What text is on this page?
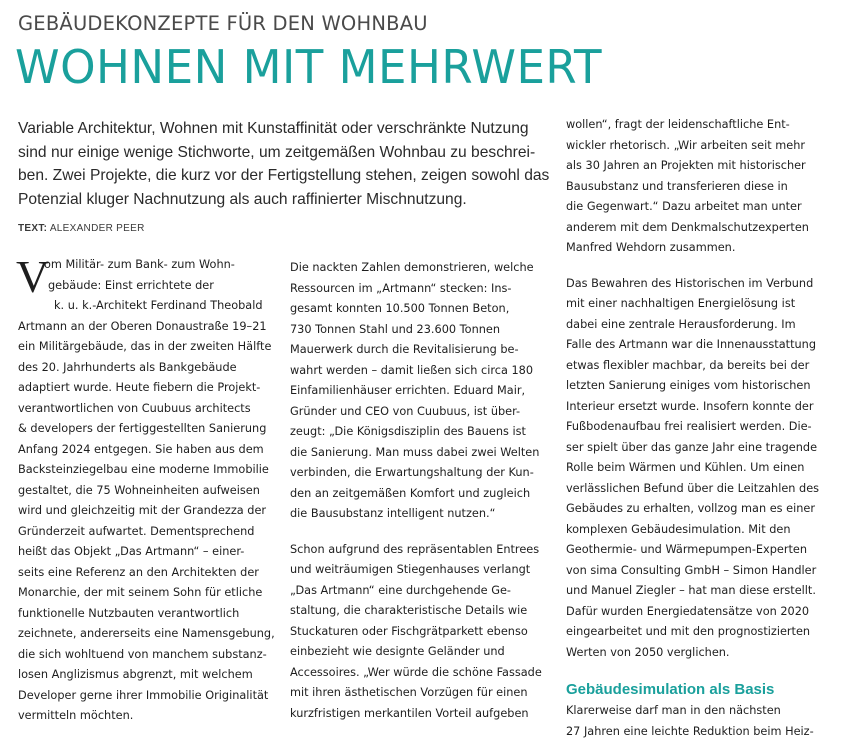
GEBÄUDEKONZEPTE FÜR DEN WOHNBAU
WOHNEN MIT MEHRWERT
Variable Architektur, Wohnen mit Kunstaffinität oder verschränkte Nutzung
sind nur einige wenige Stichworte, um zeitgemäßen Wohnbau zu beschrei-
ben. Zwei Projekte, die kurz vor der Fertigstellung stehen, zeigen sowohl das
Potenzial kluger Nachnutzung als auch raffinierter Mischnutzung.
TEXT: ALEXANDER PEER
V
om Militär- zum Bank- zum Wohn-
gebäude: Einst errichtete der
k. u. k.-Architekt Ferdinand Theobald
Artmann an der Oberen Donaustraße 19–21
ein Militärgebäude, das in der zweiten Hälfte
des 20. Jahrhunderts als Bankgebäude
adaptiert wurde. Heute fiebern die Projekt-
verantwortlichen von Cuubuus architects
& developers der fertiggestellten Sanierung
Anfang 2024 entgegen. Sie haben aus dem
Backsteinziegelbau eine moderne Immobilie
gestaltet, die 75 Wohneinheiten aufweisen
wird und gleichzeitig mit der Grandezza der
Gründerzeit aufwartet. Dementsprechend
heißt das Objekt „Das Artmann“ – einer-
seits eine Referenz an den Architekten der
Monarchie, der mit seinem Sohn für etliche
funktionelle Nutzbauten verantwortlich
zeichnete, andererseits eine Namensgebung,
die sich wohltuend von manchem substanz-
losen Anglizismus abgrenzt, mit welchem
Developer gerne ihrer Immobilie Originalität
vermitteln möchten.
Die nackten Zahlen demonstrieren, welche
Ressourcen im „Artmann“ stecken: Ins-
gesamt konnten 10.500 Tonnen Beton,
730 Tonnen Stahl und 23.600 Tonnen
Mauerwerk durch die Revitalisierung be-
wahrt werden – damit ließen sich circa 180
Einfamilienhäuser errichten. Eduard Mair,
Gründer und CEO von Cuubuus, ist über-
zeugt: „Die Königsdisziplin des Bauens ist
die Sanierung. Man muss dabei zwei Welten
verbinden, die Erwartungshaltung der Kun-
den an zeitgemäßen Komfort und zugleich
die Bausubstanz intelligent nutzen.“
Schon aufgrund des repräsentablen Entrees
und weiträumigen Stiegenhauses verlangt
„Das Artmann“ eine durchgehende Ge-
staltung, die charakteristische Details wie
Stuckaturen oder Fischgrätparkett ebenso
einbezieht wie designte Geländer und
Accessoires. „Wer würde die schöne Fassade
mit ihren ästhetischen Vorzügen für einen
kurzfristigen merkantilen Vorteil aufgeben
wollen“, fragt der leidenschaftliche Ent-
wickler rhetorisch. „Wir arbeiten seit mehr
als 30 Jahren an Projekten mit historischer
Bausubstanz und transferieren diese in
die Gegenwart.“ Dazu arbeitet man unter
anderem mit dem Denkmalschutzexperten
Manfred Wehdorn zusammen.
Das Bewahren des Historischen im Verbund
mit einer nachhaltigen Energielösung ist
dabei eine zentrale Herausforderung. Im
Falle des Artmann war die Innenausstattung
etwas flexibler machbar, da bereits bei der
letzten Sanierung einiges vom historischen
Interieur ersetzt wurde. Insofern konnte der
Fußbodenaufbau frei realisiert werden. Die-
ser spielt über das ganze Jahr eine tragende
Rolle beim Wärmen und Kühlen. Um einen
verlässlichen Befund über die Leitzahlen des
Gebäudes zu erhalten, vollzog man es einer
komplexen Gebäudesimulation. Mit den
Geothermie- und Wärmepumpen-Experten
von sima Consulting GmbH – Simon Handler
und Manuel Ziegler – hat man diese erstellt.
Dafür wurden Energiedatensätze von 2020
eingearbeitet und mit den prognostizierten
Werten von 2050 verglichen.
Gebäudesimulation als Basis
Klarerweise darf man in den nächsten
27 Jahren eine leichte Reduktion beim Heiz-
